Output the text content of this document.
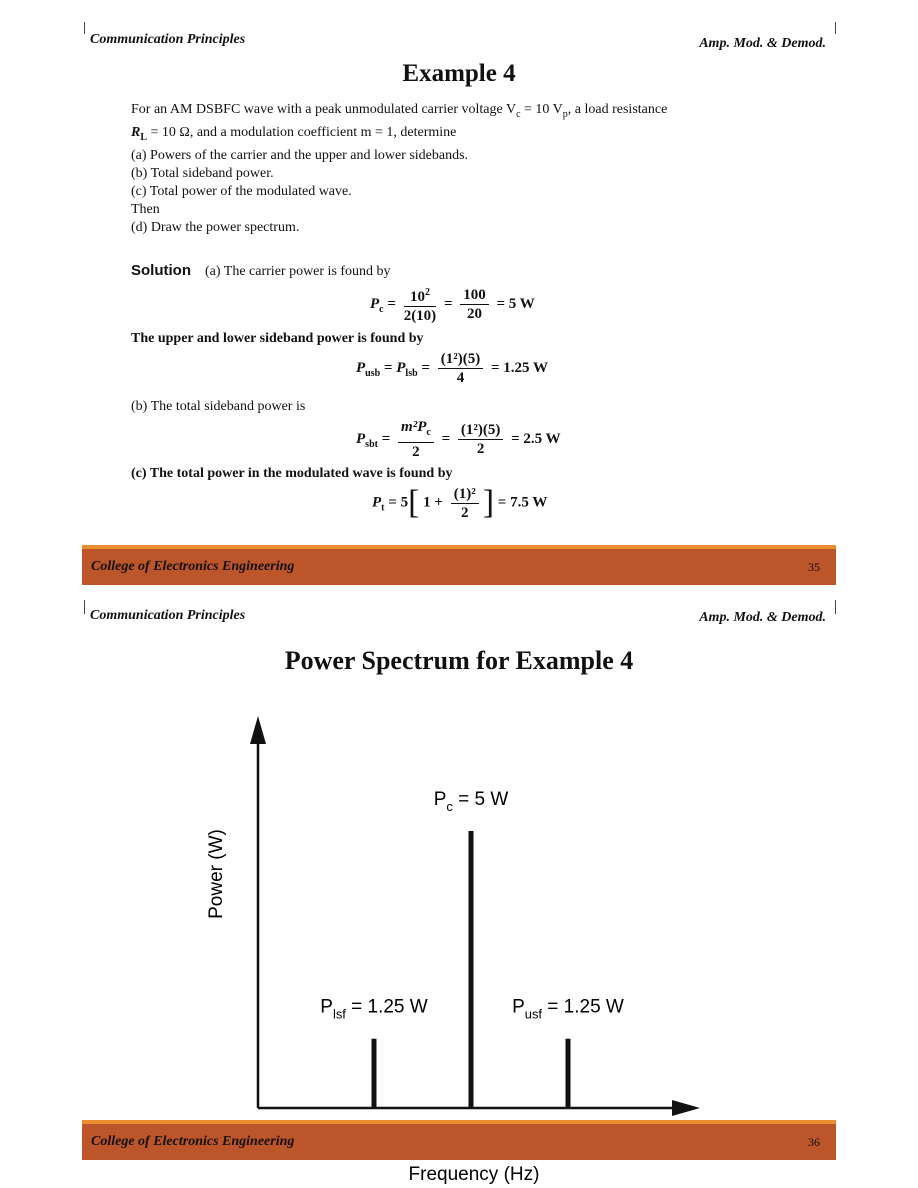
Communication Principles	Amp. Mod. & Demod.
Example 4
For an AM DSBFC wave with a peak unmodulated carrier voltage $V_c = 10$ $V_p$, a load resistance
$R_L = 10$ Ω, and a modulation coefficient m = 1, determine
(a) Powers of the carrier and the upper and lower sidebands.
(b) Total sideband power.
(c) Total power of the modulated wave.
Then
(d) Draw the power spectrum.
Solution (a) The carrier power is found by
$P_c = \frac{10^2}{2(10)} = \frac{100}{20} = 5$ W
The upper and lower sideband power is found by
$P_{usb} = P_{lsb} = \frac{\text{(1²)(5)}}{4} = 1.25$ W
(b) The total sideband power is
$P_{sbt} = \frac{m^2P_c}{2} = \frac{\text{(1²)(5)}}{2} = 2.5$ W
(c) The total power in the modulated wave is found by
$P_t = 5$[ $1 + \frac{\text{(1)²}}{2}$ ] = 7.5 W
College of Electronics Engineering	35
Communication Principles	Amp. Mod. & Demod.
Power Spectrum for Example 4
$P_{lsf} = 1.25$ W
$P_c = 5$ W
$P_{usf} = 1.25$ W
Power (W)
Frequency (Hz)
College of Electronics Engineering	36
